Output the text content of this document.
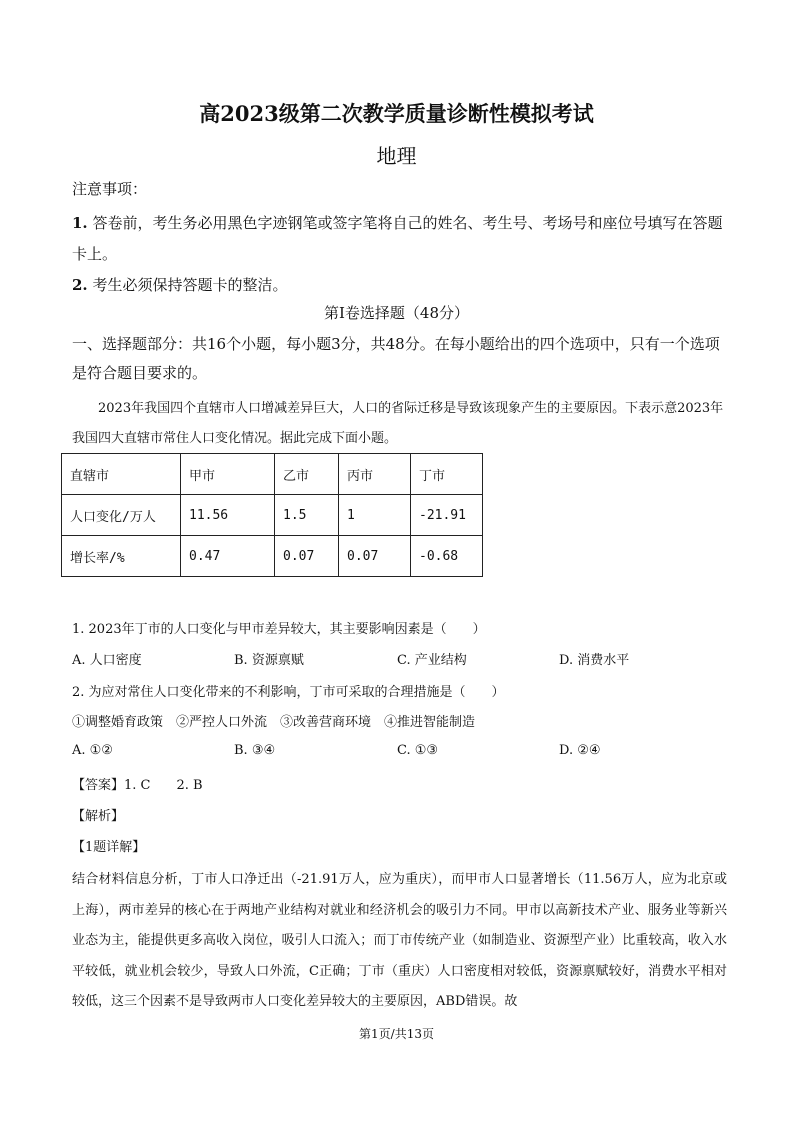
高2023级第二次教学质量诊断性模拟考试
地理
注意事项：
1. 答卷前，考生务必用黑色字迹钢笔或签字笔将自己的姓名、考生号、考场号和座位号填写在答题卡上。
2. 考生必须保持答题卡的整洁。
第Ⅰ卷选择题（48分）
一、选择题部分：共16个小题，每小题3分，共48分。在每小题给出的四个选项中，只有一个选项是符合题目要求的。
2023年我国四个直辖市人口增减差异巨大，人口的省际迁移是导致该现象产生的主要原因。下表示意2023年我国四大直辖市常住人口变化情况。据此完成下面小题。
直辖市	甲市	乙市	丙市	丁市
人口变化/万人	11.56	1.5	1	-21.91
增长率/%	0.47	0.07	0.07	-0.68
1. 2023年丁市的人口变化与甲市差异较大，其主要影响因素是（　　）
A. 人口密度	B. 资源禀赋	C. 产业结构	D. 消费水平
2. 为应对常住人口变化带来的不利影响，丁市可采取的合理措施是（　　）
①调整婚育政策　②严控人口外流　③改善营商环境　④推进智能制造
A. ①②	B. ③④	C. ①③	D. ②④
【答案】1. C　　2. B
【解析】
【1题详解】
结合材料信息分析，丁市人口净迁出（-21.91万人，应为重庆），而甲市人口显著增长（11.56万人，应为北京或上海），两市差异的核心在于两地产业结构对就业和经济机会的吸引力不同。甲市以高新技术产业、服务业等新兴业态为主，能提供更多高收入岗位，吸引人口流入；而丁市传统产业（如制造业、资源型产业）比重较高，收入水平较低，就业机会较少，导致人口外流，C正确；丁市（重庆）人口密度相对较低，资源禀赋较好，消费水平相对较低，这三个因素不是导致两市人口变化差异较大的主要原因，ABD错误。故
第1页/共13页
